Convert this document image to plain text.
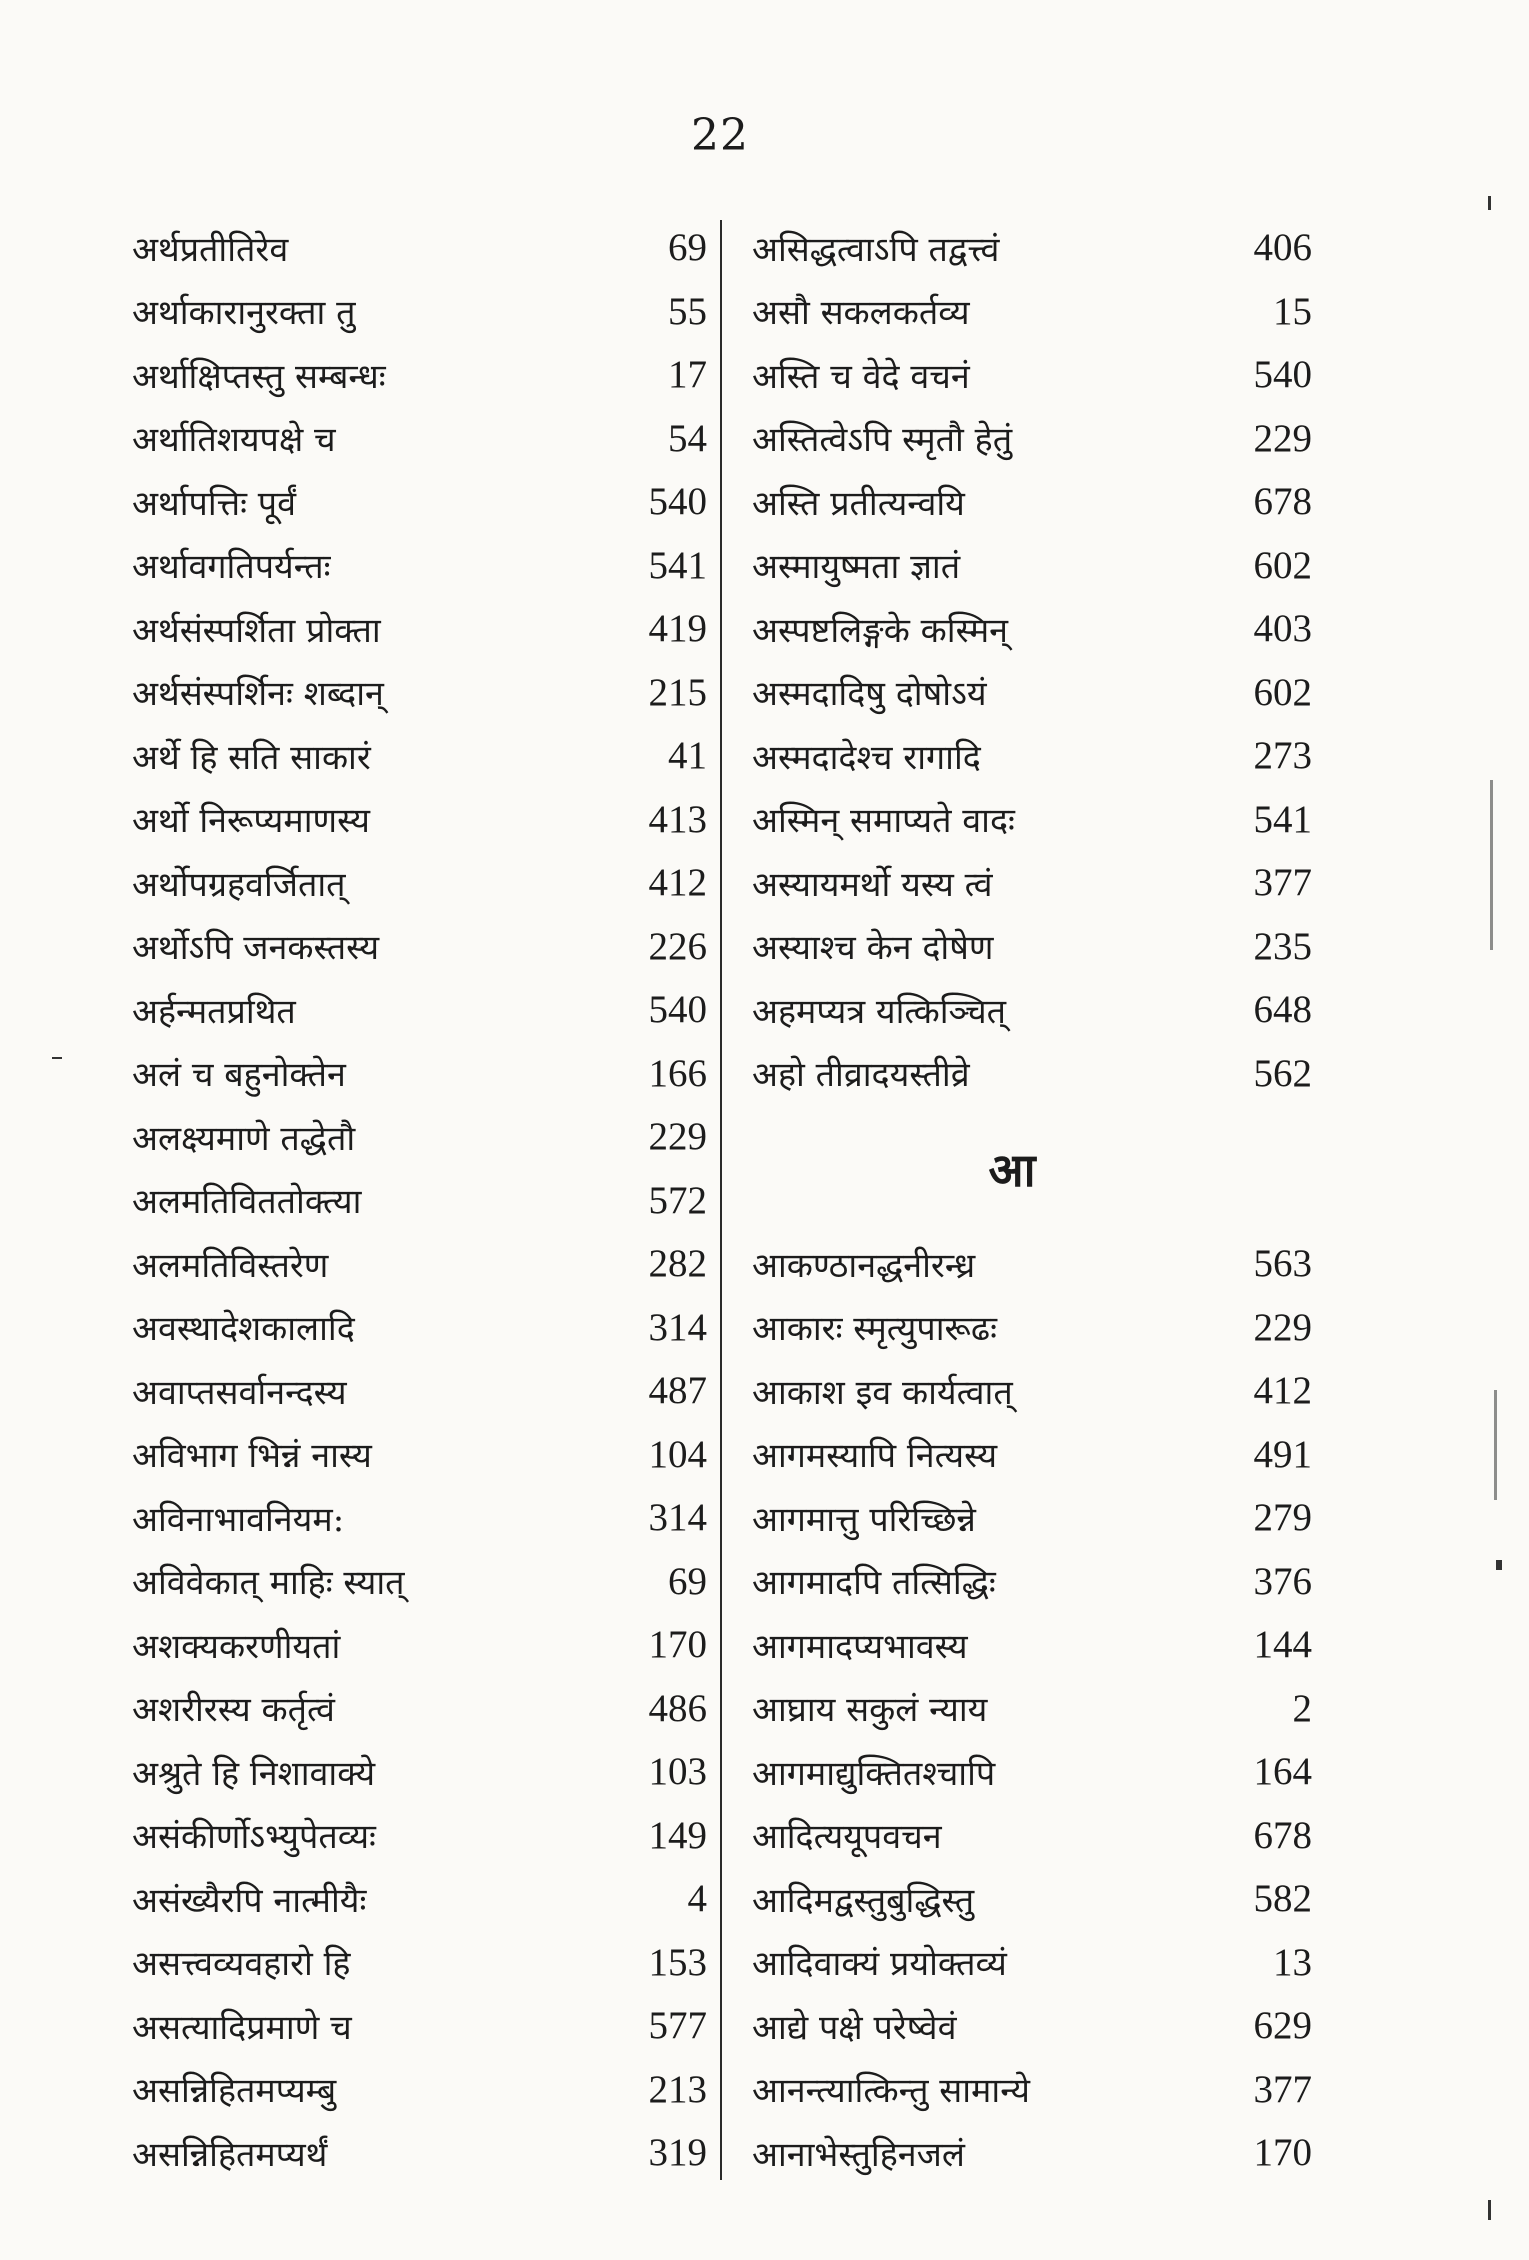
22
अर्थप्रतीतिरेव	69
अर्थाकारानुरक्ता तु	55
अर्थाक्षिप्तस्तु सम्बन्धः	17
अर्थातिशयपक्षे च	54
अर्थापत्तिः पूर्वं	540
अर्थावगतिपर्यन्तः	541
अर्थसंस्पर्शिता प्रोक्ता	419
अर्थसंस्पर्शिनः शब्दान्	215
अर्थे हि सति साकारं	41
अर्थो निरूप्यमाणस्य	413
अर्थोपग्रहवर्जितात्	412
अर्थोऽपि जनकस्तस्य	226
अर्हन्मतप्रथित	540
अलं च बहुनोक्तेन	166
अलक्ष्यमाणे तद्धेतौ	229
अलमतिविततोक्त्या	572
अलमतिविस्तरेण	282
अवस्थादेशकालादि	314
अवाप्तसर्वानन्दस्य	487
अविभाग भिन्नं नास्य	104
अविनाभावनियम:	314
अविवेकात् माहिः स्यात्	69
अशक्यकरणीयतां	170
अशरीरस्य कर्तृत्वं	486
अश्रुते हि निशावाक्ये	103
असंकीर्णोऽभ्युपेतव्यः	149
असंख्यैरपि नात्मीयैः	4
असत्त्वव्यवहारो हि	153
असत्यादिप्रमाणे च	577
असन्निहितमप्यम्बु	213
असन्निहितमप्यर्थं	319
असिद्धत्वाऽपि तद्वत्त्वं	406
असौ सकलकर्तव्य	15
अस्ति च वेदे वचनं	540
अस्तित्वेऽपि स्मृतौ हेतुं	229
अस्ति प्रतीत्यन्वयि	678
अस्मायुष्मता ज्ञातं	602
अस्पष्टलिङ्गके कस्मिन्	403
अस्मदादिषु दोषोऽयं	602
अस्मदादेश्च रागादि	273
अस्मिन् समाप्यते वादः	541
अस्यायमर्थो यस्य त्वं	377
अस्याश्च केन दोषेण	235
अहमप्यत्र यत्किञ्चित्	648
अहो तीव्रादयस्तीव्रे	562
आ
आकण्ठानद्धनीरन्ध्र	563
आकारः स्मृत्युपारूढः	229
आकाश इव कार्यत्वात्	412
आगमस्यापि नित्यस्य	491
आगमात्तु परिच्छिन्ने	279
आगमादपि तत्सिद्धिः	376
आगमादप्यभावस्य	144
आघ्राय सकुलं न्याय	2
आगमाद्युक्तितश्चापि	164
आदित्ययूपवचन	678
आदिमद्वस्तुबुद्धिस्तु	582
आदिवाक्यं प्रयोक्तव्यं	13
आद्ये पक्षे परेष्वेवं	629
आनन्त्यात्किन्तु सामान्ये	377
आनाभेस्तुहिनजलं	170
